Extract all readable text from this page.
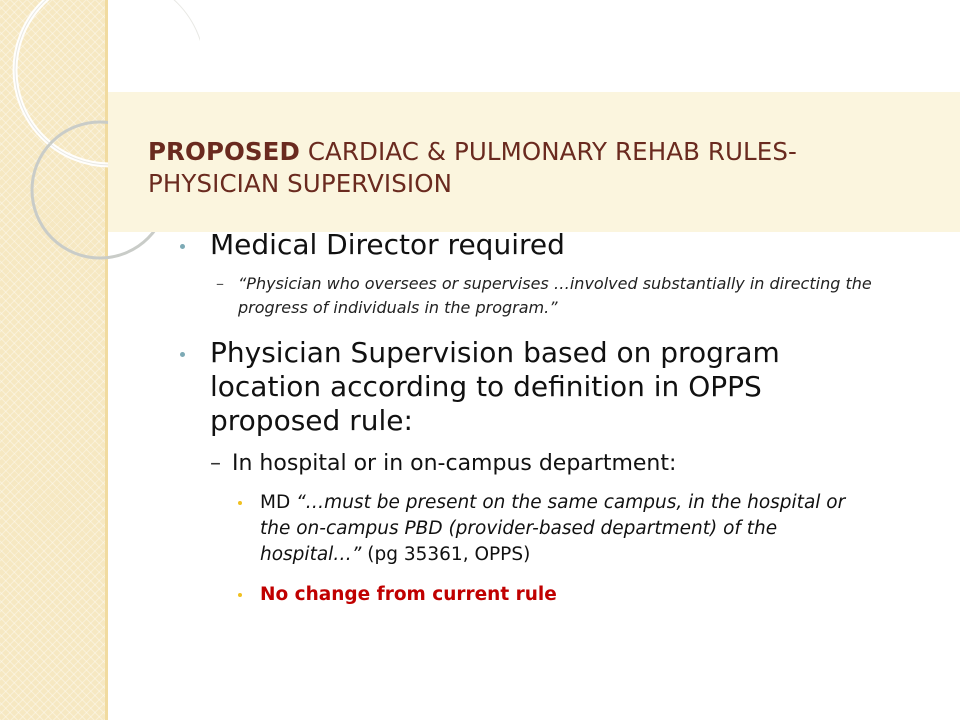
PROPOSED CARDIAC & PULMONARY REHAB RULES-PHYSICIAN SUPERVISION
Medical Director required
– “Physician who oversees or supervises …involved substantially in directing the progress of individuals in the program.”
Physician Supervision based on program location according to definition in OPPS proposed rule:
– In hospital or in on-campus department:
MD “…must be present on the same campus, in the hospital or the on-campus PBD (provider-based department) of the hospital…” (pg 35361, OPPS)
No change from current rule
